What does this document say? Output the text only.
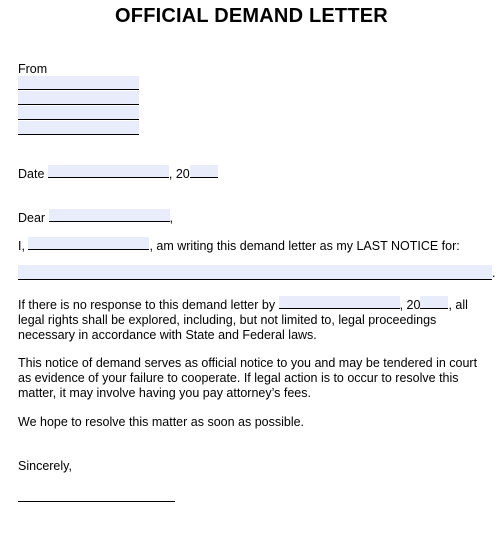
OFFICIAL DEMAND LETTER
From
Date	, 20
Dear	,
I,	, am writing this demand letter as my LAST NOTICE for:
.
If there is no response to this demand letter by	, 20 , all legal rights shall be explored, including, but not limited to, legal proceedings necessary in accordance with State and Federal laws.
This notice of demand serves as official notice to you and may be tendered in court as evidence of your failure to cooperate. If legal action is to occur to resolve this matter, it may involve having you pay attorney’s fees.
We hope to resolve this matter as soon as possible.
Sincerely,
